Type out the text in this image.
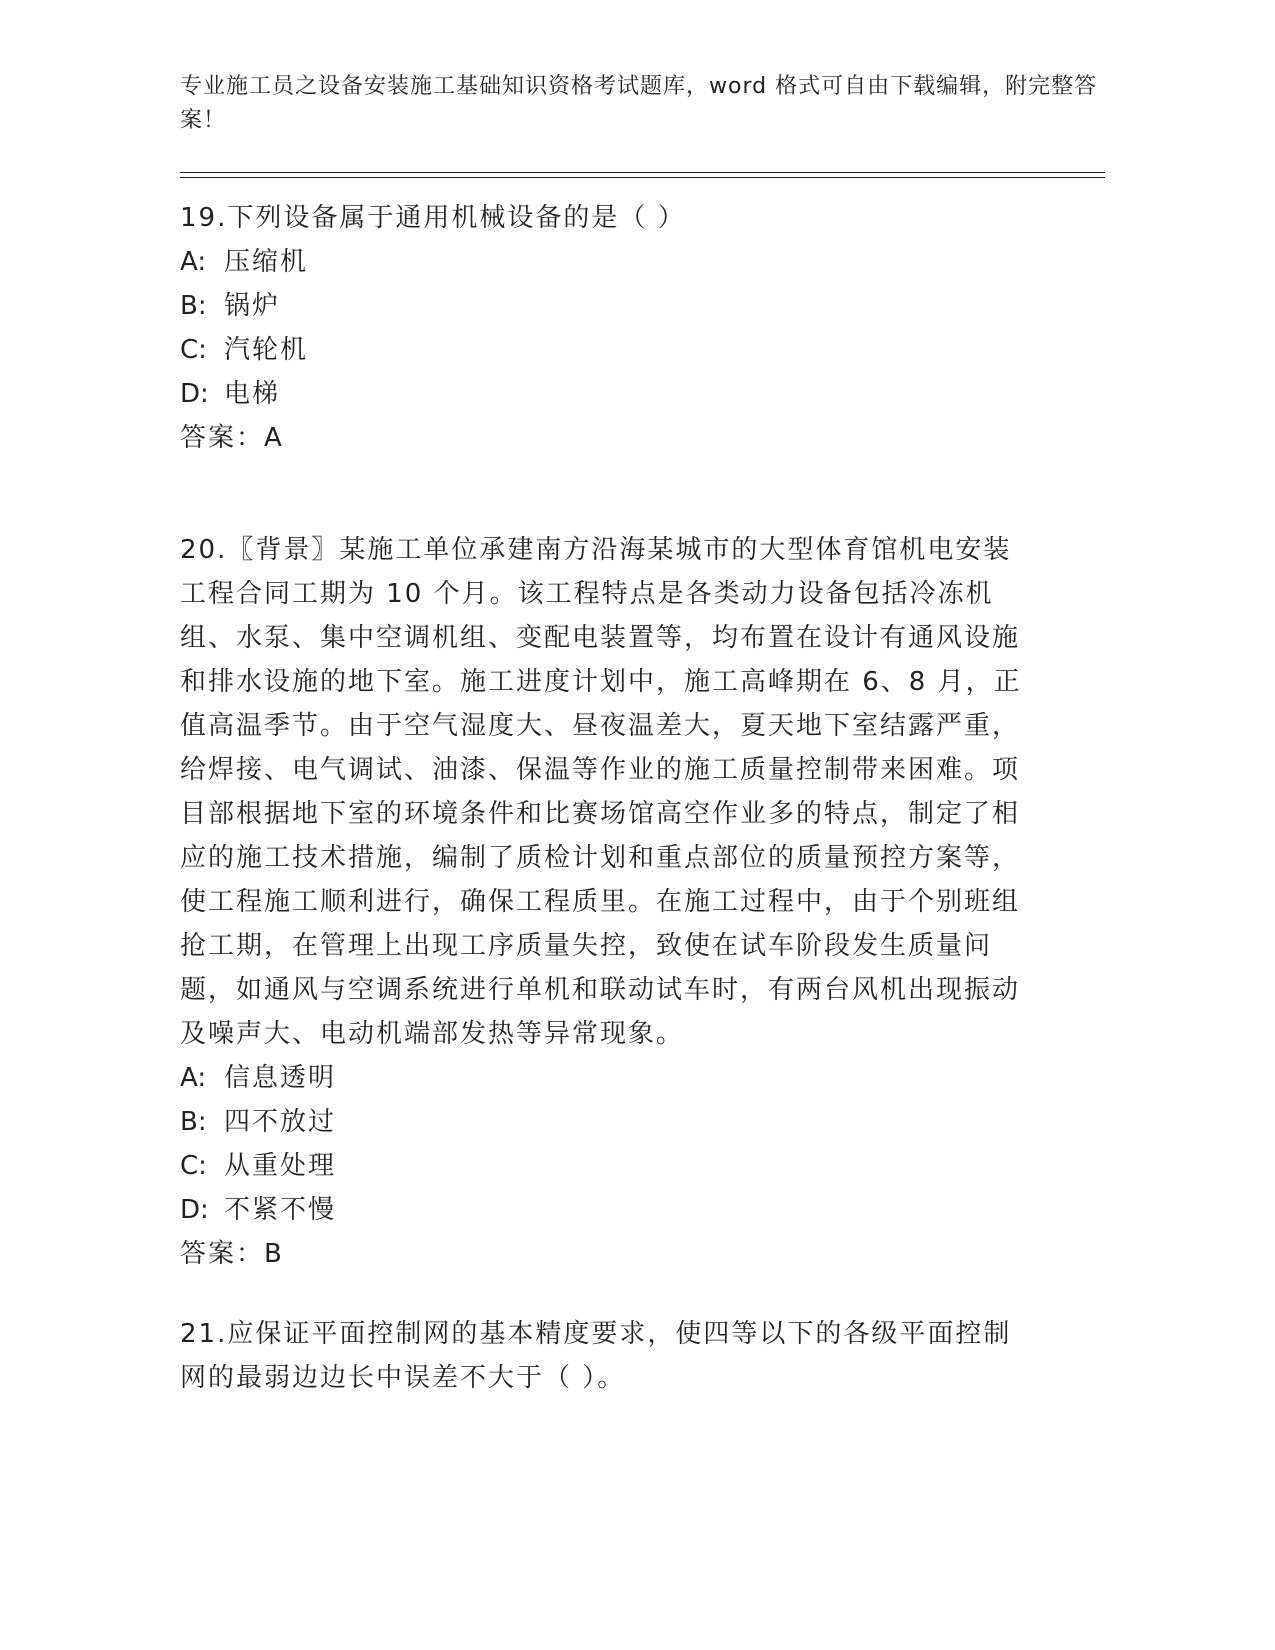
专业施工员之设备安装施工基础知识资格考试题库，word 格式可自由下载编辑，附完整答案！

19.下列设备属于通用机械设备的是（ ）

A: 压缩机

B: 锅炉

C: 汽轮机

D: 电梯

答案：A

20.〖背景〗某施工单位承建南方沿海某城市的大型体育馆机电安装工程合同工期为 10 个月。该工程特点是各类动力设备包括冷冻机组、水泵、集中空调机组、变配电装置等，均布置在设计有通风设施和排水设施的地下室。施工进度计划中，施工高峰期在 6、8 月，正值高温季节。由于空气湿度大、昼夜温差大，夏天地下室结露严重，给焊接、电气调试、油漆、保温等作业的施工质量控制带来困难。项目部根据地下室的环境条件和比赛场馆高空作业多的特点，制定了相应的施工技术措施，编制了质检计划和重点部位的质量预控方案等，使工程施工顺利进行，确保工程质里。在施工过程中，由于个别班组抢工期，在管理上出现工序质量失控，致使在试车阶段发生质量问题，如通风与空调系统进行单机和联动试车时，有两台风机出现振动及噪声大、电动机端部发热等异常现象。

A: 信息透明

B: 四不放过

C: 从重处理

D: 不紧不慢

答案：B

21.应保证平面控制网的基本精度要求，使四等以下的各级平面控制网的最弱边边长中误差不大于（ ）。
